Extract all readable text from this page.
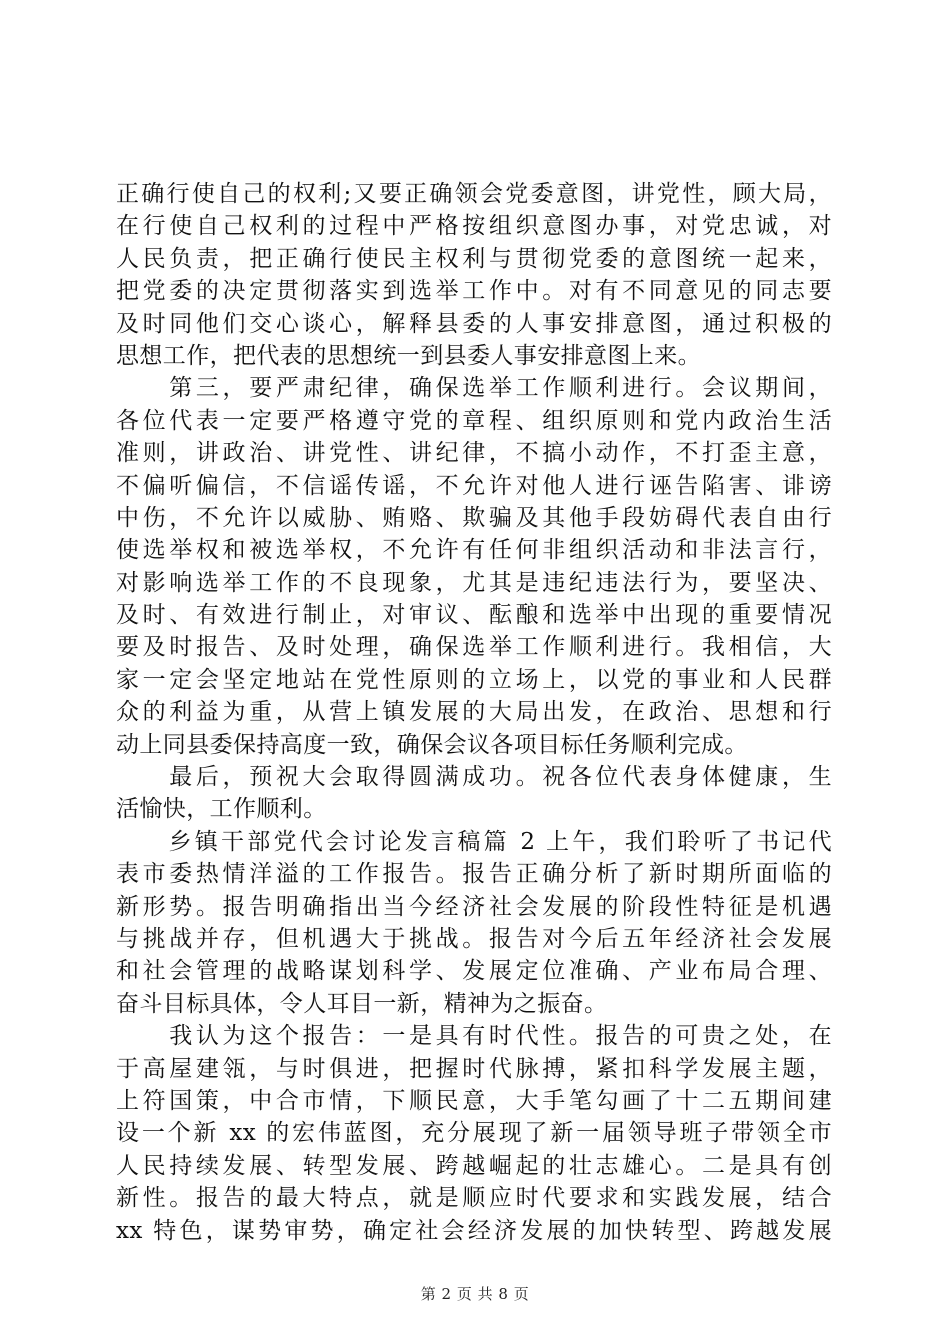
正确行使自己的权利;又要正确领会党委意图，讲党性，顾大局，
在行使自己权利的过程中严格按组织意图办事，对党忠诚，对
人民负责，把正确行使民主权利与贯彻党委的意图统一起来，
把党委的决定贯彻落实到选举工作中。对有不同意见的同志要
及时同他们交心谈心，解释县委的人事安排意图，通过积极的
思想工作，把代表的思想统一到县委人事安排意图上来。
　　第三，要严肃纪律，确保选举工作顺利进行。会议期间，
各位代表一定要严格遵守党的章程、组织原则和党内政治生活
准则，讲政治、讲党性、讲纪律，不搞小动作，不打歪主意，
不偏听偏信，不信谣传谣，不允许对他人进行诬告陷害、诽谤
中伤，不允许以威胁、贿赂、欺骗及其他手段妨碍代表自由行
使选举权和被选举权，不允许有任何非组织活动和非法言行，
对影响选举工作的不良现象，尤其是违纪违法行为，要坚决、
及时、有效进行制止，对审议、酝酿和选举中出现的重要情况
要及时报告、及时处理，确保选举工作顺利进行。我相信，大
家一定会坚定地站在党性原则的立场上，以党的事业和人民群
众的利益为重，从营上镇发展的大局出发，在政治、思想和行
动上同县委保持高度一致，确保会议各项目标任务顺利完成。
　　最后，预祝大会取得圆满成功。祝各位代表身体健康，生
活愉快，工作顺利。
　　乡镇干部党代会讨论发言稿篇 2 上午，我们聆听了书记代
表市委热情洋溢的工作报告。报告正确分析了新时期所面临的
新形势。报告明确指出当今经济社会发展的阶段性特征是机遇
与挑战并存，但机遇大于挑战。报告对今后五年经济社会发展
和社会管理的战略谋划科学、发展定位准确、产业布局合理、
奋斗目标具体，令人耳目一新，精神为之振奋。
　　我认为这个报告：一是具有时代性。报告的可贵之处，在
于高屋建瓴，与时俱进，把握时代脉搏，紧扣科学发展主题，
上符国策，中合市情，下顺民意，大手笔勾画了十二五期间建
设一个新 xx 的宏伟蓝图，充分展现了新一届领导班子带领全市
人民持续发展、转型发展、跨越崛起的壮志雄心。二是具有创
新性。报告的最大特点，就是顺应时代要求和实践发展，结合
xx 特色，谋势审势，确定社会经济发展的加快转型、跨越发展
第 2 页 共 8 页
